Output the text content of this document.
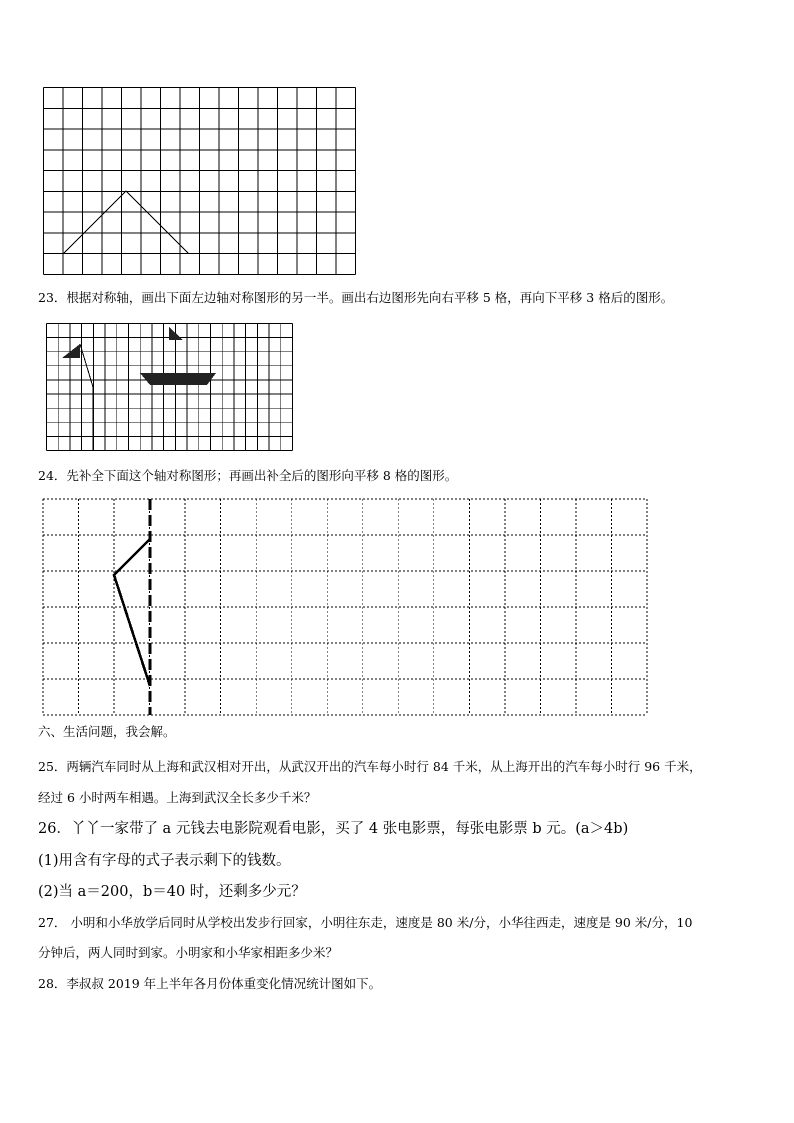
23．根据对称轴，画出下面左边轴对称图形的另一半。画出右边图形先向右平移 5 格，再向下平移 3 格后的图形。
24．先补全下面这个轴对称图形；再画出补全后的图形向平移 8 格的图形。
六、生活问题，我会解。
25．两辆汽车同时从上海和武汉相对开出，从武汉开出的汽车每小时行 84 千米，从上海开出的汽车每小时行 96 千米，
经过 6 小时两车相遇。上海到武汉全长多少千米？
26．丫丫一家带了 a 元钱去电影院观看电影，买了 4 张电影票，每张电影票 b 元。(a＞4b)
(1)用含有字母的式子表示剩下的钱数。
(2)当 a＝200，b＝40 时，还剩多少元？
27． 小明和小华放学后同时从学校出发步行回家，小明往东走，速度是 80 米/分，小华往西走，速度是 90 米/分，10
分钟后，两人同时到家。小明家和小华家相距多少米？
28．李叔叔 2019 年上半年各月份体重变化情况统计图如下。
